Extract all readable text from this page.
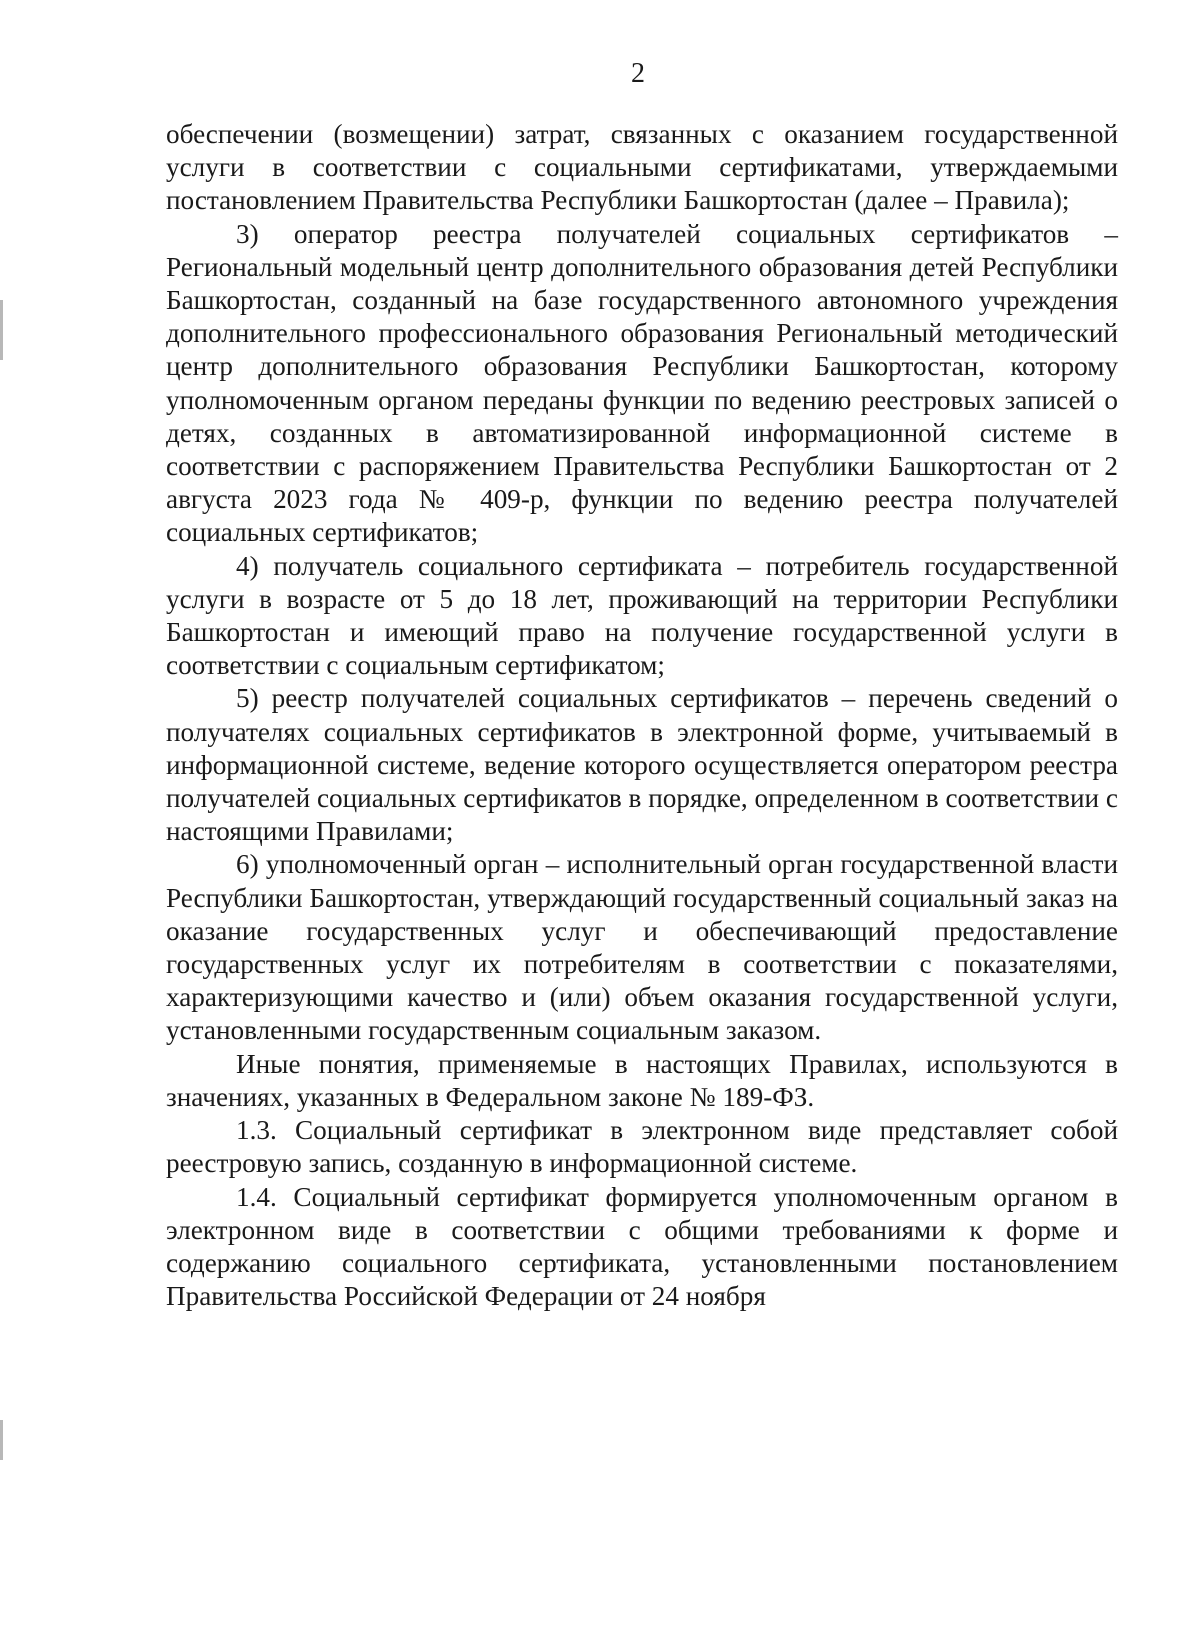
2

обеспечении (возмещении) затрат, связанных с оказанием государственной услуги в соответствии с социальными сертификатами, утверждаемыми постановлением Правительства Республики Башкортостан (далее – Правила);

3) оператор реестра получателей социальных сертификатов – Региональный модельный центр дополнительного образования детей Республики Башкортостан, созданный на базе государственного автономного учреждения дополнительного профессионального образования Региональный методический центр дополнительного образования Республики Башкортостан, которому уполномоченным органом переданы функции по ведению реестровых записей о детях, созданных в автоматизированной информационной системе в соответствии с распоряжением Правительства Республики Башкортостан от 2 августа 2023 года № 409-р, функции по ведению реестра получателей социальных сертификатов;

4) получатель социального сертификата – потребитель государственной услуги в возрасте от 5 до 18 лет, проживающий на территории Республики Башкортостан и имеющий право на получение государственной услуги в соответствии с социальным сертификатом;

5) реестр получателей социальных сертификатов – перечень сведений о получателях социальных сертификатов в электронной форме, учитываемый в информационной системе, ведение которого осуществляется оператором реестра получателей социальных сертификатов в порядке, определенном в соответствии с настоящими Правилами;

6) уполномоченный орган – исполнительный орган государственной власти Республики Башкортостан, утверждающий государственный социальный заказ на оказание государственных услуг и обеспечивающий предоставление государственных услуг их потребителям в соответствии с показателями, характеризующими качество и (или) объем оказания государственной услуги, установленными государственным социальным заказом.

Иные понятия, применяемые в настоящих Правилах, используются в значениях, указанных в Федеральном законе № 189-ФЗ.

1.3. Социальный сертификат в электронном виде представляет собой реестровую запись, созданную в информационной системе.

1.4. Социальный сертификат формируется уполномоченным органом в электронном виде в соответствии с общими требованиями к форме и содержанию социального сертификата, установленными постановлением Правительства Российской Федерации от 24 ноября
